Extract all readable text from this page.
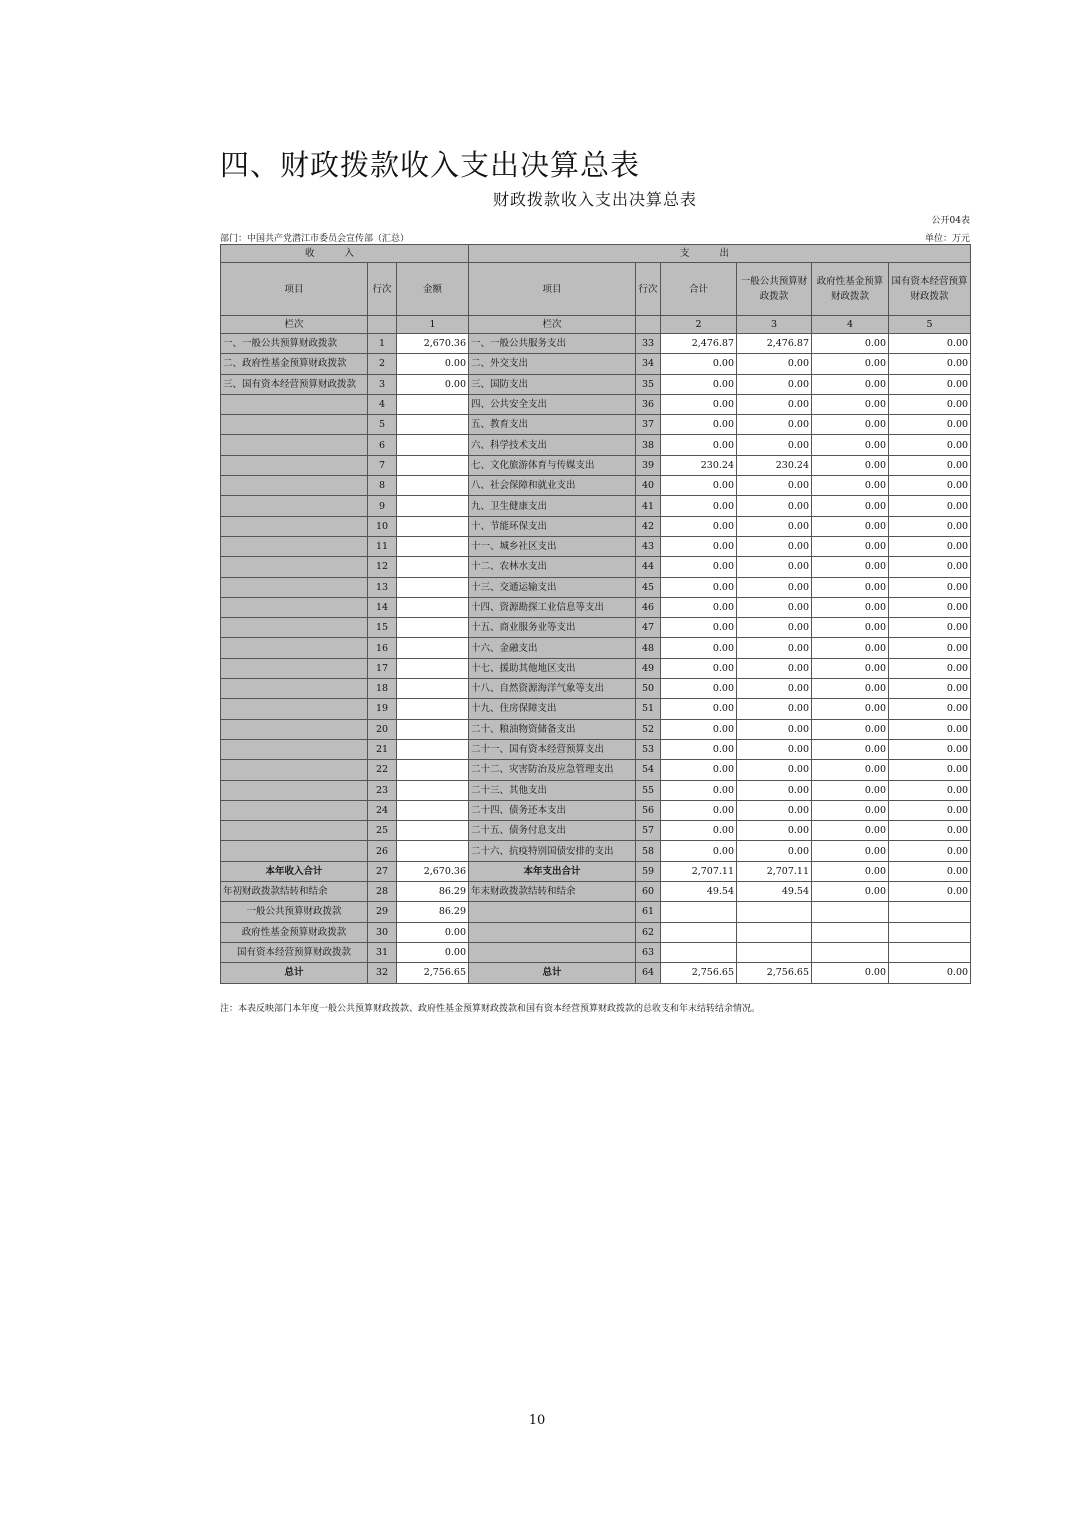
四、财政拨款收入支出决算总表
财政拨款收入支出决算总表
公开04表
部门：中国共产党潜江市委员会宣传部（汇总）	单位：万元
收入			支出					
项目	行次	金额	项目	行次	合计	一般公共预算财政拨款	政府性基金预算财政拨款	国有资本经营预算财政拨款
栏次		1	栏次		2	3	4	5
一、一般公共预算财政拨款	1	2,670.36	一、一般公共服务支出	33	2,476.87	2,476.87	0.00	0.00
二、政府性基金预算财政拨款	2	0.00	二、外交支出	34	0.00	0.00	0.00	0.00
三、国有资本经营预算财政拨款	3	0.00	三、国防支出	35	0.00	0.00	0.00	0.00
	4		四、公共安全支出	36	0.00	0.00	0.00	0.00
	5		五、教育支出	37	0.00	0.00	0.00	0.00
	6		六、科学技术支出	38	0.00	0.00	0.00	0.00
	7		七、文化旅游体育与传媒支出	39	230.24	230.24	0.00	0.00
	8		八、社会保障和就业支出	40	0.00	0.00	0.00	0.00
	9		九、卫生健康支出	41	0.00	0.00	0.00	0.00
	10		十、节能环保支出	42	0.00	0.00	0.00	0.00
	11		十一、城乡社区支出	43	0.00	0.00	0.00	0.00
	12		十二、农林水支出	44	0.00	0.00	0.00	0.00
	13		十三、交通运输支出	45	0.00	0.00	0.00	0.00
	14		十四、资源勘探工业信息等支出	46	0.00	0.00	0.00	0.00
	15		十五、商业服务业等支出	47	0.00	0.00	0.00	0.00
	16		十六、金融支出	48	0.00	0.00	0.00	0.00
	17		十七、援助其他地区支出	49	0.00	0.00	0.00	0.00
	18		十八、自然资源海洋气象等支出	50	0.00	0.00	0.00	0.00
	19		十九、住房保障支出	51	0.00	0.00	0.00	0.00
	20		二十、粮油物资储备支出	52	0.00	0.00	0.00	0.00
	21		二十一、国有资本经营预算支出	53	0.00	0.00	0.00	0.00
	22		二十二、灾害防治及应急管理支出	54	0.00	0.00	0.00	0.00
	23		二十三、其他支出	55	0.00	0.00	0.00	0.00
	24		二十四、债务还本支出	56	0.00	0.00	0.00	0.00
	25		二十五、债务付息支出	57	0.00	0.00	0.00	0.00
	26		二十六、抗疫特别国债安排的支出	58	0.00	0.00	0.00	0.00
本年收入合计	27	2,670.36	本年支出合计	59	2,707.11	2,707.11	0.00	0.00
年初财政拨款结转和结余	28	86.29	年末财政拨款结转和结余	60	49.54	49.54	0.00	0.00
一般公共预算财政拨款	29	86.29		61				
政府性基金预算财政拨款	30	0.00		62				
国有资本经营预算财政拨款	31	0.00		63				
总计	32	2,756.65	总计	64	2,756.65	2,756.65	0.00	0.00
注：本表反映部门本年度一般公共预算财政拨款、政府性基金预算财政拨款和国有资本经营预算财政拨款的总收支和年末结转结余情况。
10
